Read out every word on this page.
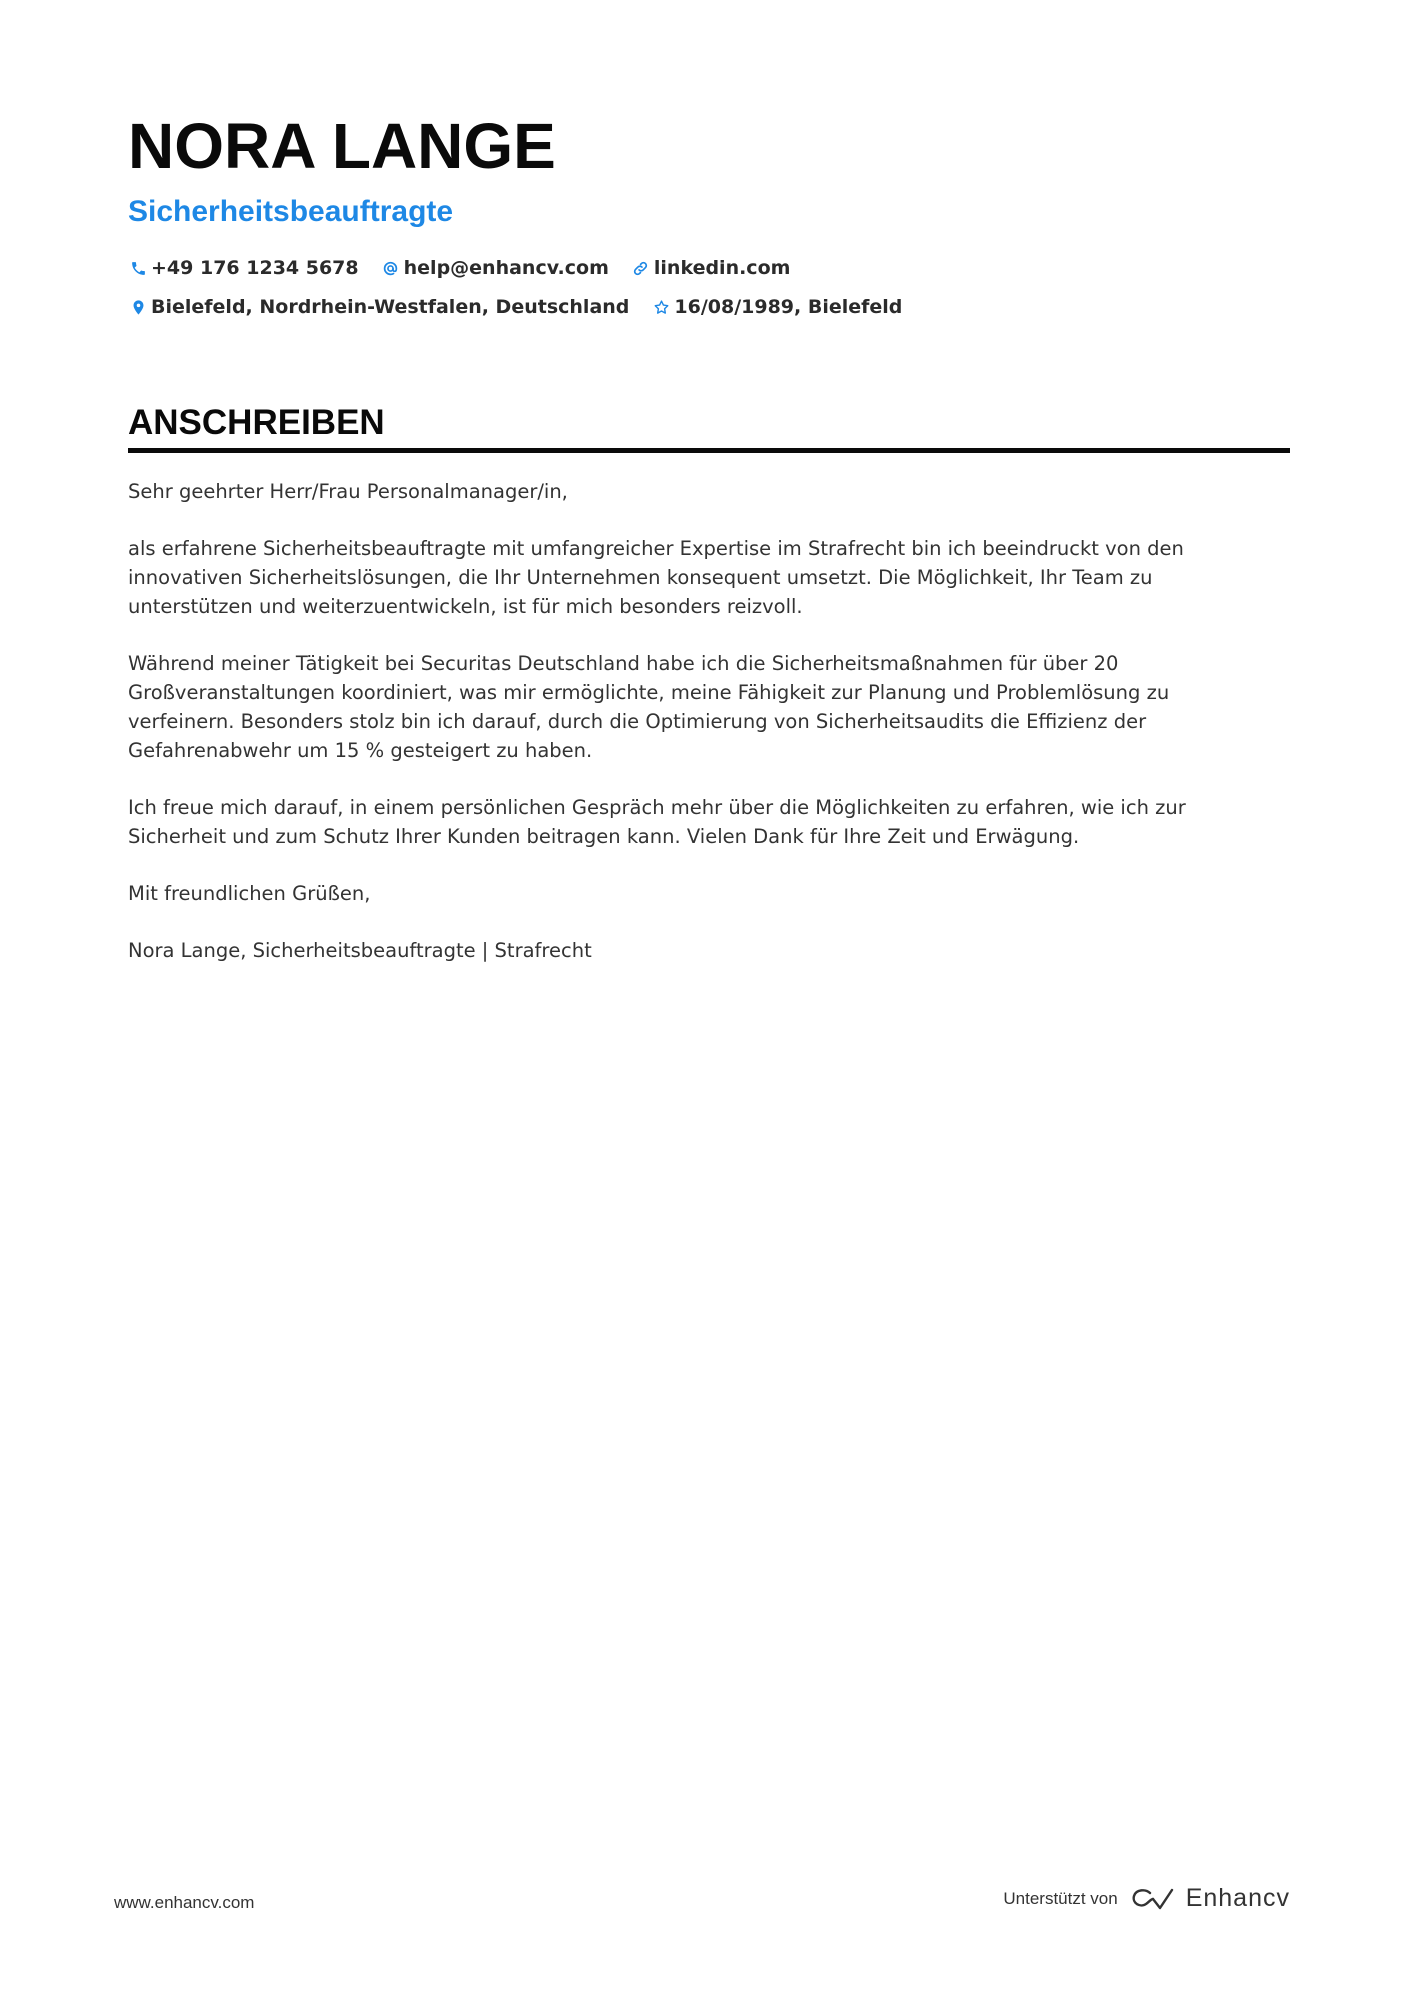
NORA LANGE
Sicherheitsbeauftragte
+49 176 1234 5678 help@enhancv.com linkedin.com
Bielefeld, Nordrhein-Westfalen, Deutschland 16/08/1989, Bielefeld
ANSCHREIBEN

Sehr geehrter Herr/Frau Personalmanager/in,

als erfahrene Sicherheitsbeauftragte mit umfangreicher Expertise im Strafrecht bin ich beeindruckt von den innovativen Sicherheitslösungen, die Ihr Unternehmen konsequent umsetzt. Die Möglichkeit, Ihr Team zu unterstützen und weiterzuentwickeln, ist für mich besonders reizvoll.

Während meiner Tätigkeit bei Securitas Deutschland habe ich die Sicherheitsmaßnahmen für über 20 Großveranstaltungen koordiniert, was mir ermöglichte, meine Fähigkeit zur Planung und Problemlösung zu verfeinern. Besonders stolz bin ich darauf, durch die Optimierung von Sicherheitsaudits die Effizienz der Gefahrenabwehr um 15 % gesteigert zu haben.

Ich freue mich darauf, in einem persönlichen Gespräch mehr über die Möglichkeiten zu erfahren, wie ich zur Sicherheit und zum Schutz Ihrer Kunden beitragen kann. Vielen Dank für Ihre Zeit und Erwägung.

Mit freundlichen Grüßen,

Nora Lange, Sicherheitsbeauftragte | Strafrecht

www.enhancv.com	Unterstützt von	Enhancv
